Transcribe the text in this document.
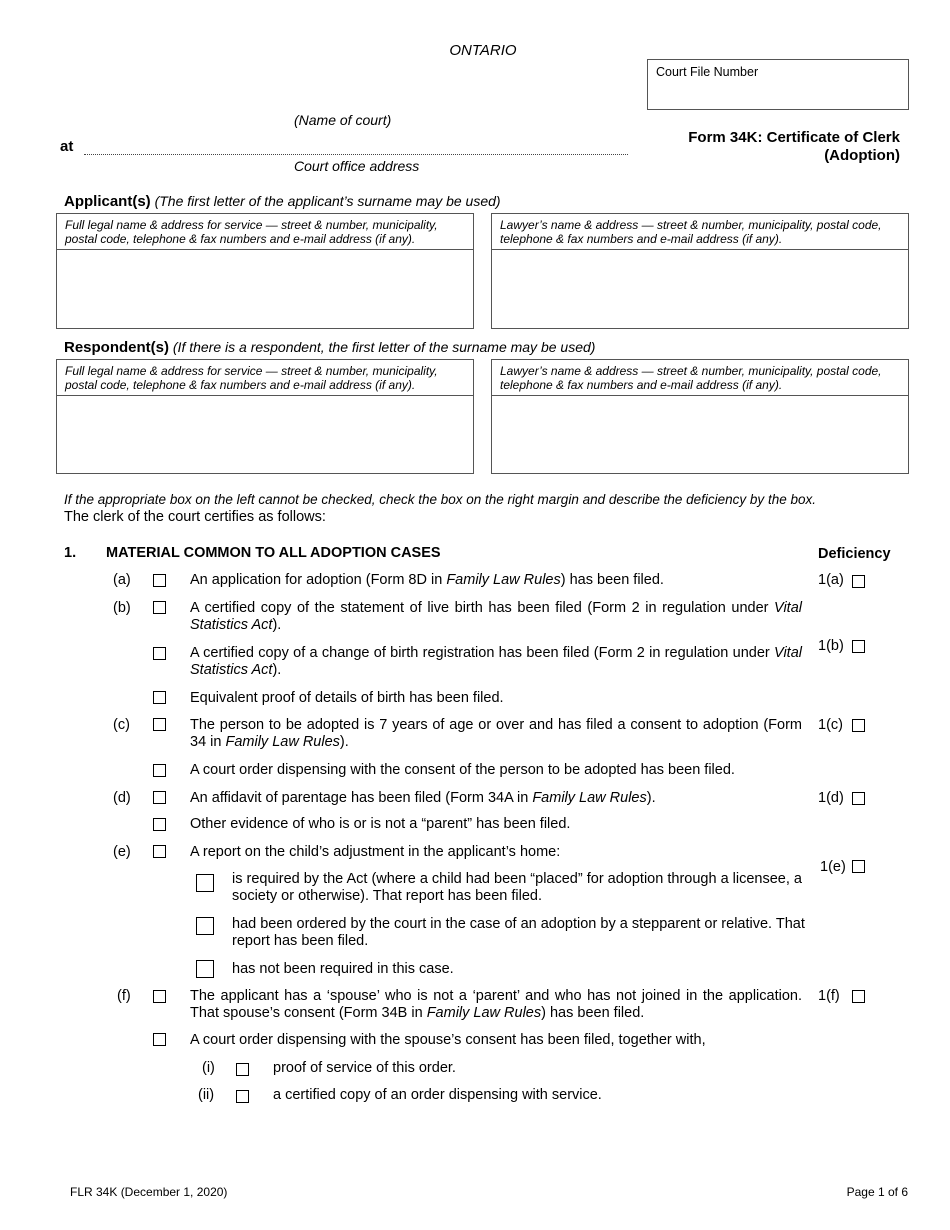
ONTARIO
Court File Number
(Name of court)
at
Court office address
Form 34K: Certificate of Clerk
(Adoption)
Applicant(s) (The first letter of the applicant’s surname may be used)
Full legal name & address for service — street & number, municipality, postal code, telephone & fax numbers and e-mail address (if any).
Lawyer’s name & address — street & number, municipality, postal code, telephone & fax numbers and e-mail address (if any).
Respondent(s) (If there is a respondent, the first letter of the surname may be used)
Full legal name & address for service — street & number, municipality, postal code, telephone & fax numbers and e-mail address (if any).
Lawyer’s name & address — street & number, municipality, postal code, telephone & fax numbers and e-mail address (if any).
If the appropriate box on the left cannot be checked, check the box on the right margin and describe the deficiency by the box.
The clerk of the court certifies as follows:
1. MATERIAL COMMON TO ALL ADOPTION CASES	Deficiency
(a)	An application for adoption (Form 8D in Family Law Rules) has been filed.	1(a)
(b)	A certified copy of the statement of live birth has been filed (Form 2 in regulation under Vital Statistics Act).
A certified copy of a change of birth registration has been filed (Form 2 in regulation under Vital Statistics Act).
1(b)
Equivalent proof of details of birth has been filed.
(c)	The person to be adopted is 7 years of age or over and has filed a consent to adoption (Form 34 in Family Law Rules).
1(c)
A court order dispensing with the consent of the person to be adopted has been filed.
(d)	An affidavit of parentage has been filed (Form 34A in Family Law Rules).	1(d)
Other evidence of who is or is not a “parent” has been filed.
(e)	A report on the child’s adjustment in the applicant’s home:
1(e)
is required by the Act (where a child had been “placed” for adoption through a licensee, a society or otherwise). That report has been filed.
had been ordered by the court in the case of an adoption by a stepparent or relative. That report has been filed.
has not been required in this case.
(f)	The applicant has a ‘spouse’ who is not a ‘parent’ and who has not joined in the application. That spouse’s consent (Form 34B in Family Law Rules) has been filed.
1(f)
A court order dispensing with the spouse’s consent has been filed, together with,
(i)	proof of service of this order.
(ii)	a certified copy of an order dispensing with service.
FLR 34K (December 1, 2020)	Page 1 of 6
